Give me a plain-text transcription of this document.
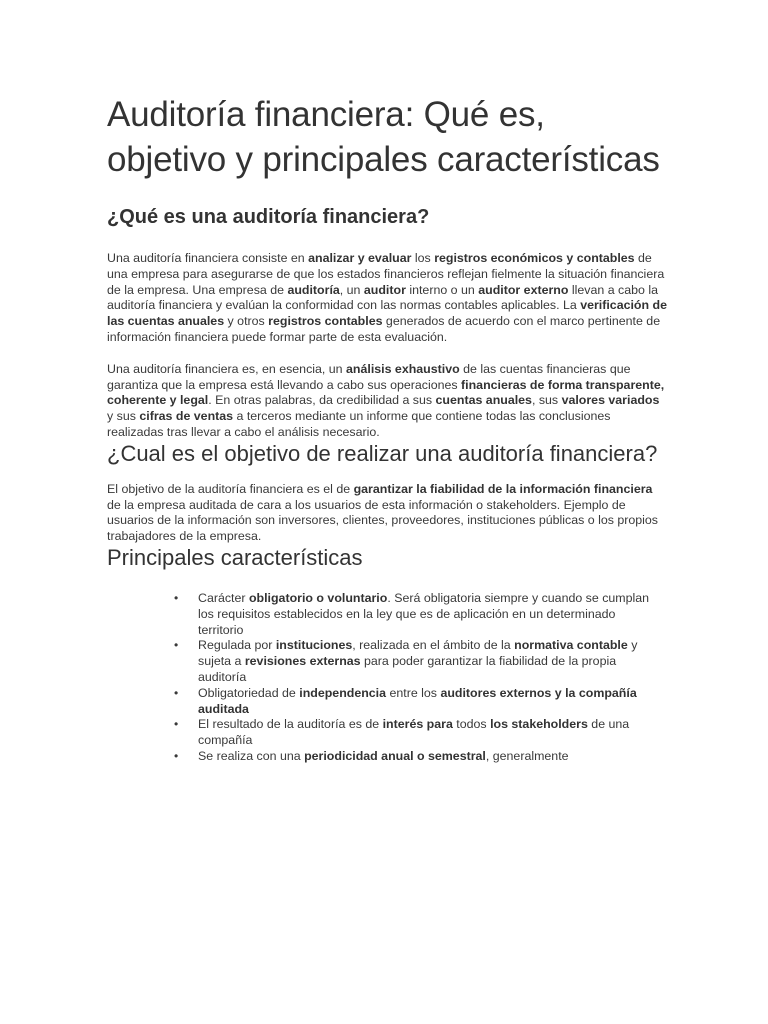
Auditoría financiera: Qué es, objetivo y principales características
¿Qué es una auditoría financiera?

Una auditoría financiera consiste en analizar y evaluar los registros económicos y contables de una empresa para asegurarse de que los estados financieros reflejan fielmente la situación financiera de la empresa. Una empresa de auditoría, un auditor interno o un auditor externo llevan a cabo la auditoría financiera y evalúan la conformidad con las normas contables aplicables. La verificación de las cuentas anuales y otros registros contables generados de acuerdo con el marco pertinente de información financiera puede formar parte de esta evaluación.

Una auditoría financiera es, en esencia, un análisis exhaustivo de las cuentas financieras que garantiza que la empresa está llevando a cabo sus operaciones financieras de forma transparente, coherente y legal. En otras palabras, da credibilidad a sus cuentas anuales, sus valores variados y sus cifras de ventas a terceros mediante un informe que contiene todas las conclusiones realizadas tras llevar a cabo el análisis necesario.

¿Cual es el objetivo de realizar una auditoría financiera?

El objetivo de la auditoría financiera es el de garantizar la fiabilidad de la información financiera de la empresa auditada de cara a los usuarios de esta información o stakeholders. Ejemplo de usuarios de la información son inversores, clientes, proveedores, instituciones públicas o los propios trabajadores de la empresa.

Principales características
• Carácter obligatorio o voluntario. Será obligatoria siempre y cuando se cumplan los requisitos establecidos en la ley que es de aplicación en un determinado territorio
• Regulada por instituciones, realizada en el ámbito de la normativa contable y sujeta a revisiones externas para poder garantizar la fiabilidad de la propia auditoría
• Obligatoriedad de independencia entre los auditores externos y la compañía auditada
• El resultado de la auditoría es de interés para todos los stakeholders de una compañía
• Se realiza con una periodicidad anual o semestral, generalmente
